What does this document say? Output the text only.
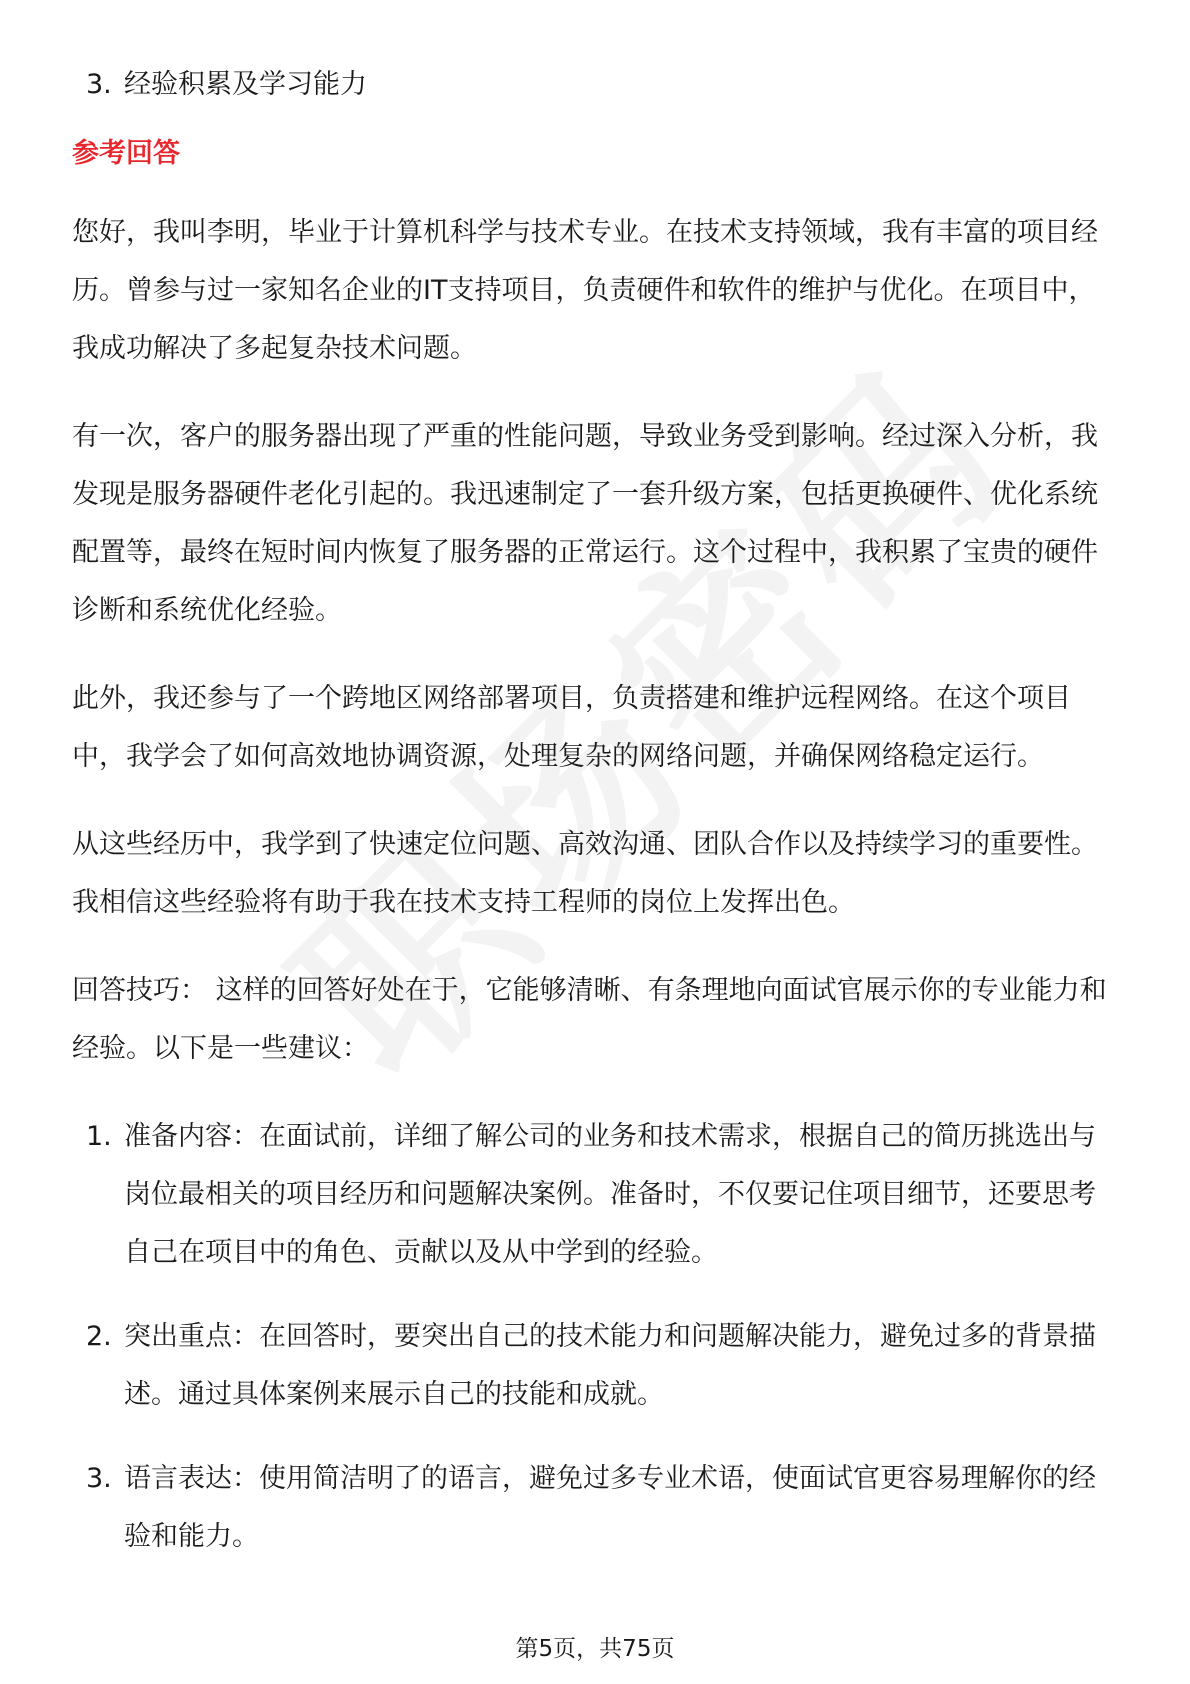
3. 经验积累及学习能力
参考回答

您好，我叫李明，毕业于计算机科学与技术专业。在技术支持领域，我有丰富的项目经历。曾参与过一家知名企业的IT支持项目，负责硬件和软件的维护与优化。在项目中，我成功解决了多起复杂技术问题。

有一次，客户的服务器出现了严重的性能问题，导致业务受到影响。经过深入分析，我发现是服务器硬件老化引起的。我迅速制定了一套升级方案，包括更换硬件、优化系统配置等，最终在短时间内恢复了服务器的正常运行。这个过程中，我积累了宝贵的硬件诊断和系统优化经验。

此外，我还参与了一个跨地区网络部署项目，负责搭建和维护远程网络。在这个项目中，我学会了如何高效地协调资源，处理复杂的网络问题，并确保网络稳定运行。

从这些经历中，我学到了快速定位问题、高效沟通、团队合作以及持续学习的重要性。我相信这些经验将有助于我在技术支持工程师的岗位上发挥出色。

回答技巧： 这样的回答好处在于，它能够清晰、有条理地向面试官展示你的专业能力和经验。以下是一些建议：

1. 准备内容：在面试前，详细了解公司的业务和技术需求，根据自己的简历挑选出与岗位最相关的项目经历和问题解决案例。准备时，不仅要记住项目细节，还要思考自己在项目中的角色、贡献以及从中学到的经验。
2. 突出重点：在回答时，要突出自己的技术能力和问题解决能力，避免过多的背景描述。通过具体案例来展示自己的技能和成就。
3. 语言表达：使用简洁明了的语言，避免过多专业术语，使面试官更容易理解你的经验和能力。
第5页，共75页
